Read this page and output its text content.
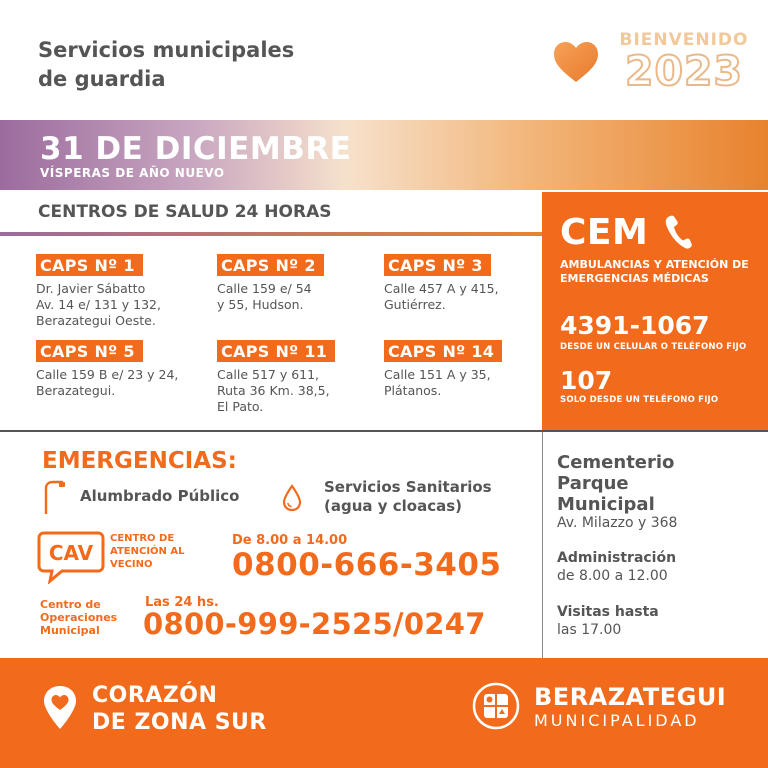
Servicios municipales
de guardia
BIENVENIDO
2023
31 DE DICIEMBRE
VÍSPERAS DE AÑO NUEVO
CENTROS DE SALUD 24 HORAS
CAPS Nº 1
Dr. Javier Sábatto
Av. 14 e/ 131 y 132,
Berazategui Oeste.
CAPS Nº 2
Calle 159 e/ 54
y 55, Hudson.
CAPS Nº 3
Calle 457 A y 415,
Gutiérrez.
CAPS Nº 5
Calle 159 B e/ 23 y 24,
Berazategui.
CAPS Nº 11
Calle 517 y 611,
Ruta 36 Km. 38,5,
El Pato.
CAPS Nº 14
Calle 151 A y 35,
Plátanos.
CEM
AMBULANCIAS Y ATENCIÓN DE EMERGENCIAS MÉDICAS
4391-1067
DESDE UN CELULAR O TELÉFONO FIJO
107
SOLO DESDE UN TELÉFONO FIJO
EMERGENCIAS:
Alumbrado Público	Servicios Sanitarios
(agua y cloacas)
CAV
CENTRO DE
ATENCIÓN AL
VECINO
De 8.00 a 14.00
0800-666-3405
Centro de
Operaciones
Municipal
Las 24 hs.
0800-999-2525/0247
Cementerio
Parque
Municipal
Av. Milazzo y 368
Administración
de 8.00 a 12.00
Visitas hasta
las 17.00
CORAZÓN
DE ZONA SUR
BERAZATEGUI
MUNICIPALIDAD
